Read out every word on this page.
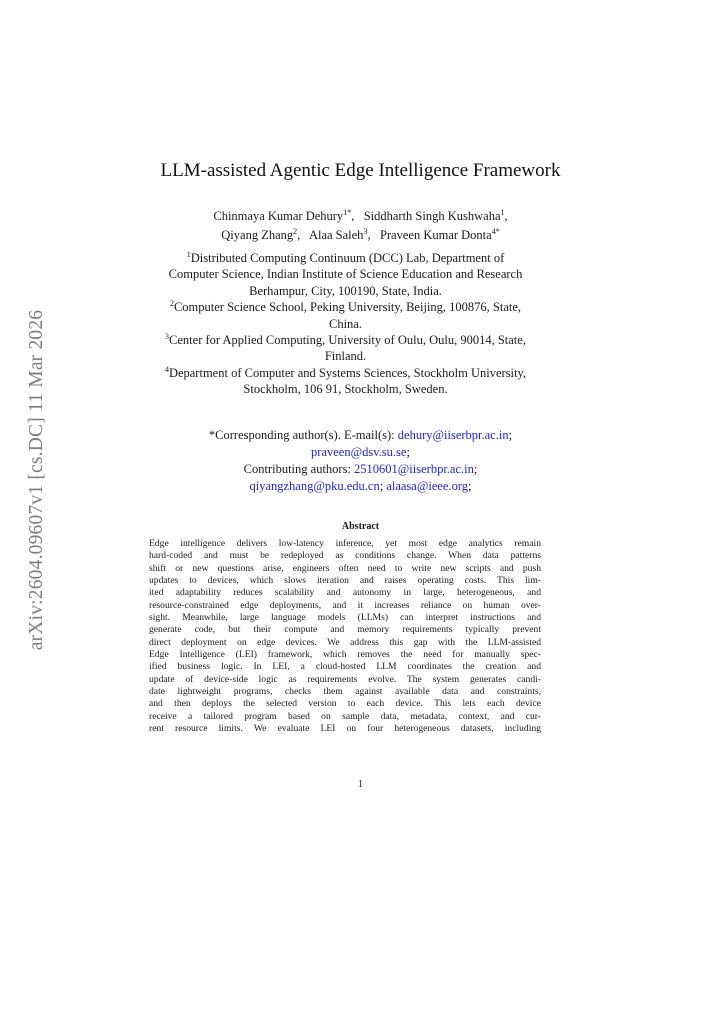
arXiv:2604.09607v1 [cs.DC] 11 Mar 2026
LLM-assisted Agentic Edge Intelligence Framework
Chinmaya Kumar Dehury$^{1*}$,   Siddharth Singh Kushwaha$^1$,
Qiyang Zhang$^2$,   Alaa Saleh$^3$,   Praveen Kumar Donta$^{4*}$
$^1$Distributed Computing Continuum (DCC) Lab, Department of
Computer Science, Indian Institute of Science Education and Research
Berhampur, City, 100190, State, India.
$^2$Computer Science School, Peking University, Beijing, 100876, State,
China.
$^3$Center for Applied Computing, University of Oulu, Oulu, 90014, State,
Finland.
$^4$Department of Computer and Systems Sciences, Stockholm University,
Stockholm, 106 91, Stockholm, Sweden.
*Corresponding author(s). E-mail(s): dehury@iiserbpr.ac.in;
praveen@dsv.su.se;
Contributing authors: 2510601@iiserbpr.ac.in;
qiyangzhang@pku.edu.cn; alaasa@ieee.org;
Abstract
Edge intelligence delivers low-latency inference, yet most edge analytics remain
hard-coded and must be redeployed as conditions change. When data patterns
shift or new questions arise, engineers often need to write new scripts and push
updates to devices, which slows iteration and raises operating costs. This lim-
ited adaptability reduces scalability and autonomy in large, heterogeneous, and
resource-constrained edge deployments, and it increases reliance on human over-
sight. Meanwhile, large language models (LLMs) can interpret instructions and
generate code, but their compute and memory requirements typically prevent
direct deployment on edge devices. We address this gap with the LLM-assisted
Edge Intelligence (LEI) framework, which removes the need for manually spec-
ified business logic. In LEI, a cloud-hosted LLM coordinates the creation and
update of device-side logic as requirements evolve. The system generates candi-
date lightweight programs, checks them against available data and constraints,
and then deploys the selected version to each device. This lets each device
receive a tailored program based on sample data, metadata, context, and cur-
rent resource limits. We evaluate LEI on four heterogeneous datasets, including
1
